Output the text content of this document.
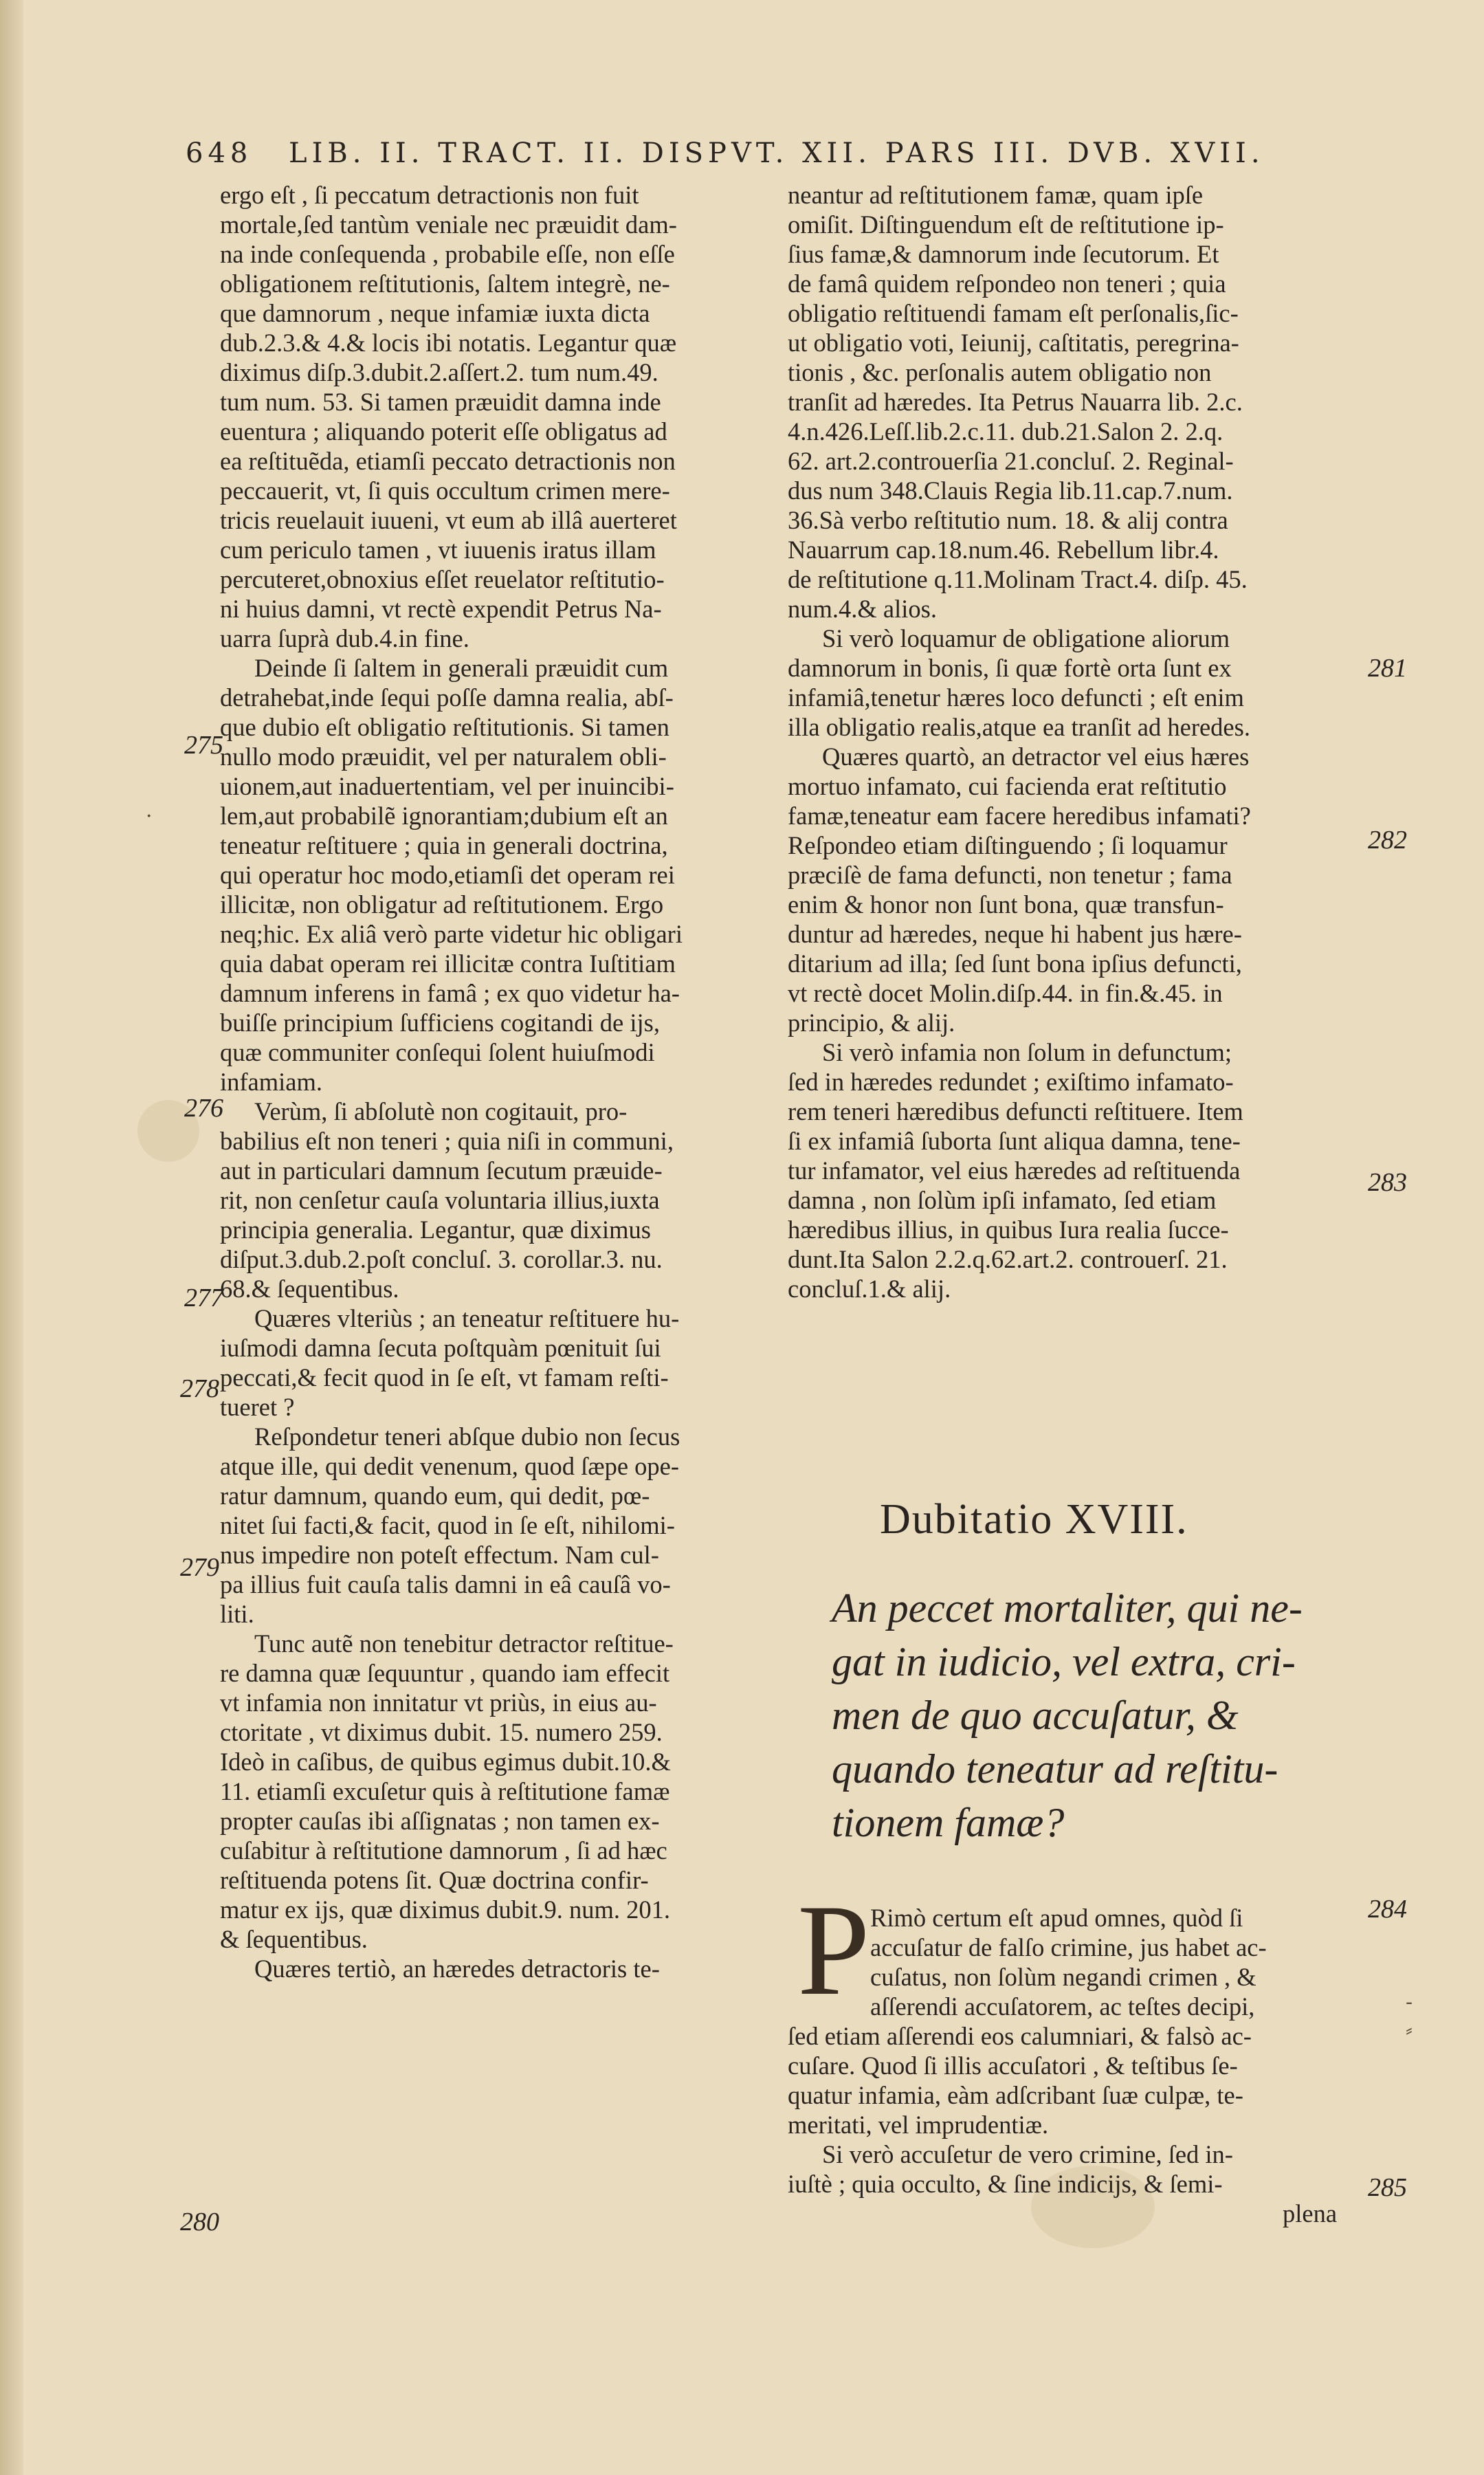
648 LIB. II. TRACT. II. DISPVT. XII. PARS III. DVB. XVII.
ergo eſt , ſi peccatum detractionis non fuit
mortale,ſed tantùm veniale nec præuidit dam-
na inde conſequenda , probabile eſſe, non eſſe
obligationem reſtitutionis, ſaltem integrè, ne-
que damnorum , neque infamiæ iuxta dicta
dub.2.3.& 4.& locis ibi notatis. Legantur quæ
diximus diſp.3.dubit.2.aſſert.2. tum num.49.
tum num. 53. Si tamen præuidit damna inde
euentura ; aliquando poterit eſſe obligatus ad
ea reſtituẽda, etiamſi peccato detractionis non
peccauerit, vt, ſi quis occultum crimen mere-
tricis reuelauit iuueni, vt eum ab illâ auerteret
cum periculo tamen , vt iuuenis iratus illam
percuteret,obnoxius eſſet reuelator reſtitutio-
ni huius damni, vt rectè expendit Petrus Na-
uarra ſuprà dub.4.in fine.
Deinde ſi ſaltem in generali præuidit cum
detrahebat,inde ſequi poſſe damna realia, abſ-
que dubio eſt obligatio reſtitutionis. Si tamen
nullo modo præuidit, vel per naturalem obli-
uionem,aut inaduertentiam, vel per inuincibi-
lem,aut probabilẽ ignorantiam;dubium eſt an
teneatur reſtituere ; quia in generali doctrina,
qui operatur hoc modo,etiamſi det operam rei
illicitæ, non obligatur ad reſtitutionem. Ergo
neq;hic. Ex aliâ verò parte videtur hic obligari
quia dabat operam rei illicitæ contra Iuſtitiam
damnum inferens in famâ ; ex quo videtur ha-
buiſſe principium ſufficiens cogitandi de ijs,
quæ communiter conſequi ſolent huiuſmodi
infamiam.
Verùm, ſi abſolutè non cogitauit, pro-
babilius eſt non teneri ; quia niſi in communi,
aut in particulari damnum ſecutum præuide-
rit, non cenſetur cauſa voluntaria illius,iuxta
principia generalia. Legantur, quæ diximus
diſput.3.dub.2.poſt concluſ. 3. corollar.3. nu.
68.& ſequentibus.
Quæres vlteriùs ; an teneatur reſtituere hu-
iuſmodi damna ſecuta poſtquàm pœnituit ſui
peccati,& fecit quod in ſe eſt, vt famam reſti-
tueret ?
Reſpondetur teneri abſque dubio non ſecus
atque ille, qui dedit venenum, quod ſæpe ope-
ratur damnum, quando eum, qui dedit, pœ-
nitet ſui facti,& facit, quod in ſe eſt, nihilomi-
nus impedire non poteſt effectum. Nam cul-
pa illius fuit cauſa talis damni in eâ cauſâ vo-
liti.
Tunc autẽ non tenebitur detractor reſtitue-
re damna quæ ſequuntur , quando iam effecit
vt infamia non innitatur vt priùs, in eius au-
ctoritate , vt diximus dubit. 15. numero 259.
Ideò in caſibus, de quibus egimus dubit.10.&
11. etiamſi excuſetur quis à reſtitutione famæ
propter cauſas ibi aſſignatas ; non tamen ex-
cuſabitur à reſtitutione damnorum , ſi ad hæc
reſtituenda potens ſit. Quæ doctrina confir-
matur ex ijs, quæ diximus dubit.9. num. 201.
& ſequentibus.
Quæres tertiò, an hæredes detractoris te-
275
276
277
278
279
280
neantur ad reſtitutionem famæ, quam ipſe
omiſit. Diſtinguendum eſt de reſtitutione ip-
ſius famæ,& damnorum inde ſecutorum. Et
de famâ quidem reſpondeo non teneri ; quia
obligatio reſtituendi famam eſt perſonalis,ſic-
ut obligatio voti, Ieiunij, caſtitatis, peregrina-
tionis , &c. perſonalis autem obligatio non
tranſit ad hæredes. Ita Petrus Nauarra lib. 2.c.
4.n.426.Leſſ.lib.2.c.11. dub.21.Salon 2. 2.q.
62. art.2.controuerſia 21.concluſ. 2. Reginal-
dus num 348.Clauis Regia lib.11.cap.7.num.
36.Sà verbo reſtitutio num. 18. & alij contra
Nauarrum cap.18.num.46. Rebellum libr.4.
de reſtitutione q.11.Molinam Tract.4. diſp. 45.
num.4.& alios.
Si verò loquamur de obligatione aliorum
damnorum in bonis, ſi quæ fortè orta ſunt ex
infamiâ,tenetur hæres loco defuncti ; eſt enim
illa obligatio realis,atque ea tranſit ad heredes.
Quæres quartò, an detractor vel eius hæres
mortuo infamato, cui facienda erat reſtitutio
famæ,teneatur eam facere heredibus infamati?
Reſpondeo etiam diſtinguendo ; ſi loquamur
præciſè de fama defuncti, non tenetur ; fama
enim & honor non ſunt bona, quæ transfun-
duntur ad hæredes, neque hi habent jus hære-
ditarium ad illa; ſed ſunt bona ipſius defuncti,
vt rectè docet Molin.diſp.44. in fin.&.45. in
principio, & alij.
Si verò infamia non ſolum in defunctum;
ſed in hæredes redundet ; exiſtimo infamato-
rem teneri hæredibus defuncti reſtituere. Item
ſi ex infamiâ ſuborta ſunt aliqua damna, tene-
tur infamator, vel eius hæredes ad reſtituenda
damna , non ſolùm ipſi infamato, ſed etiam
hæredibus illius, in quibus Iura realia ſucce-
dunt.Ita Salon 2.2.q.62.art.2. controuerſ. 21.
concluſ.1.& alij.
281
282
283
284
285
Dubitatio XVIII.
An peccet mortaliter, qui ne-
gat in iudicio, vel extra, cri-
men de quo accuſatur, &
quando teneatur ad reſtitu-
tionem famæ?
P Rimò certum eſt apud omnes, quòd ſi
accuſatur de falſo crimine, jus habet ac-
cuſatus, non ſolùm negandi crimen , &
aſſerendi accuſatorem, ac teſtes decipi,
ſed etiam aſſerendi eos calumniari, & falsò ac-
cuſare. Quod ſi illis accuſatori , & teſtibus ſe-
quatur infamia, eàm adſcribant ſuæ culpæ, te-
meritati, vel imprudentiæ.
Si verò accuſetur de vero crimine, ſed in-
iuſtè ; quia occulto, & ſine indicijs, & ſemi-
plena
‐
⸗
·
